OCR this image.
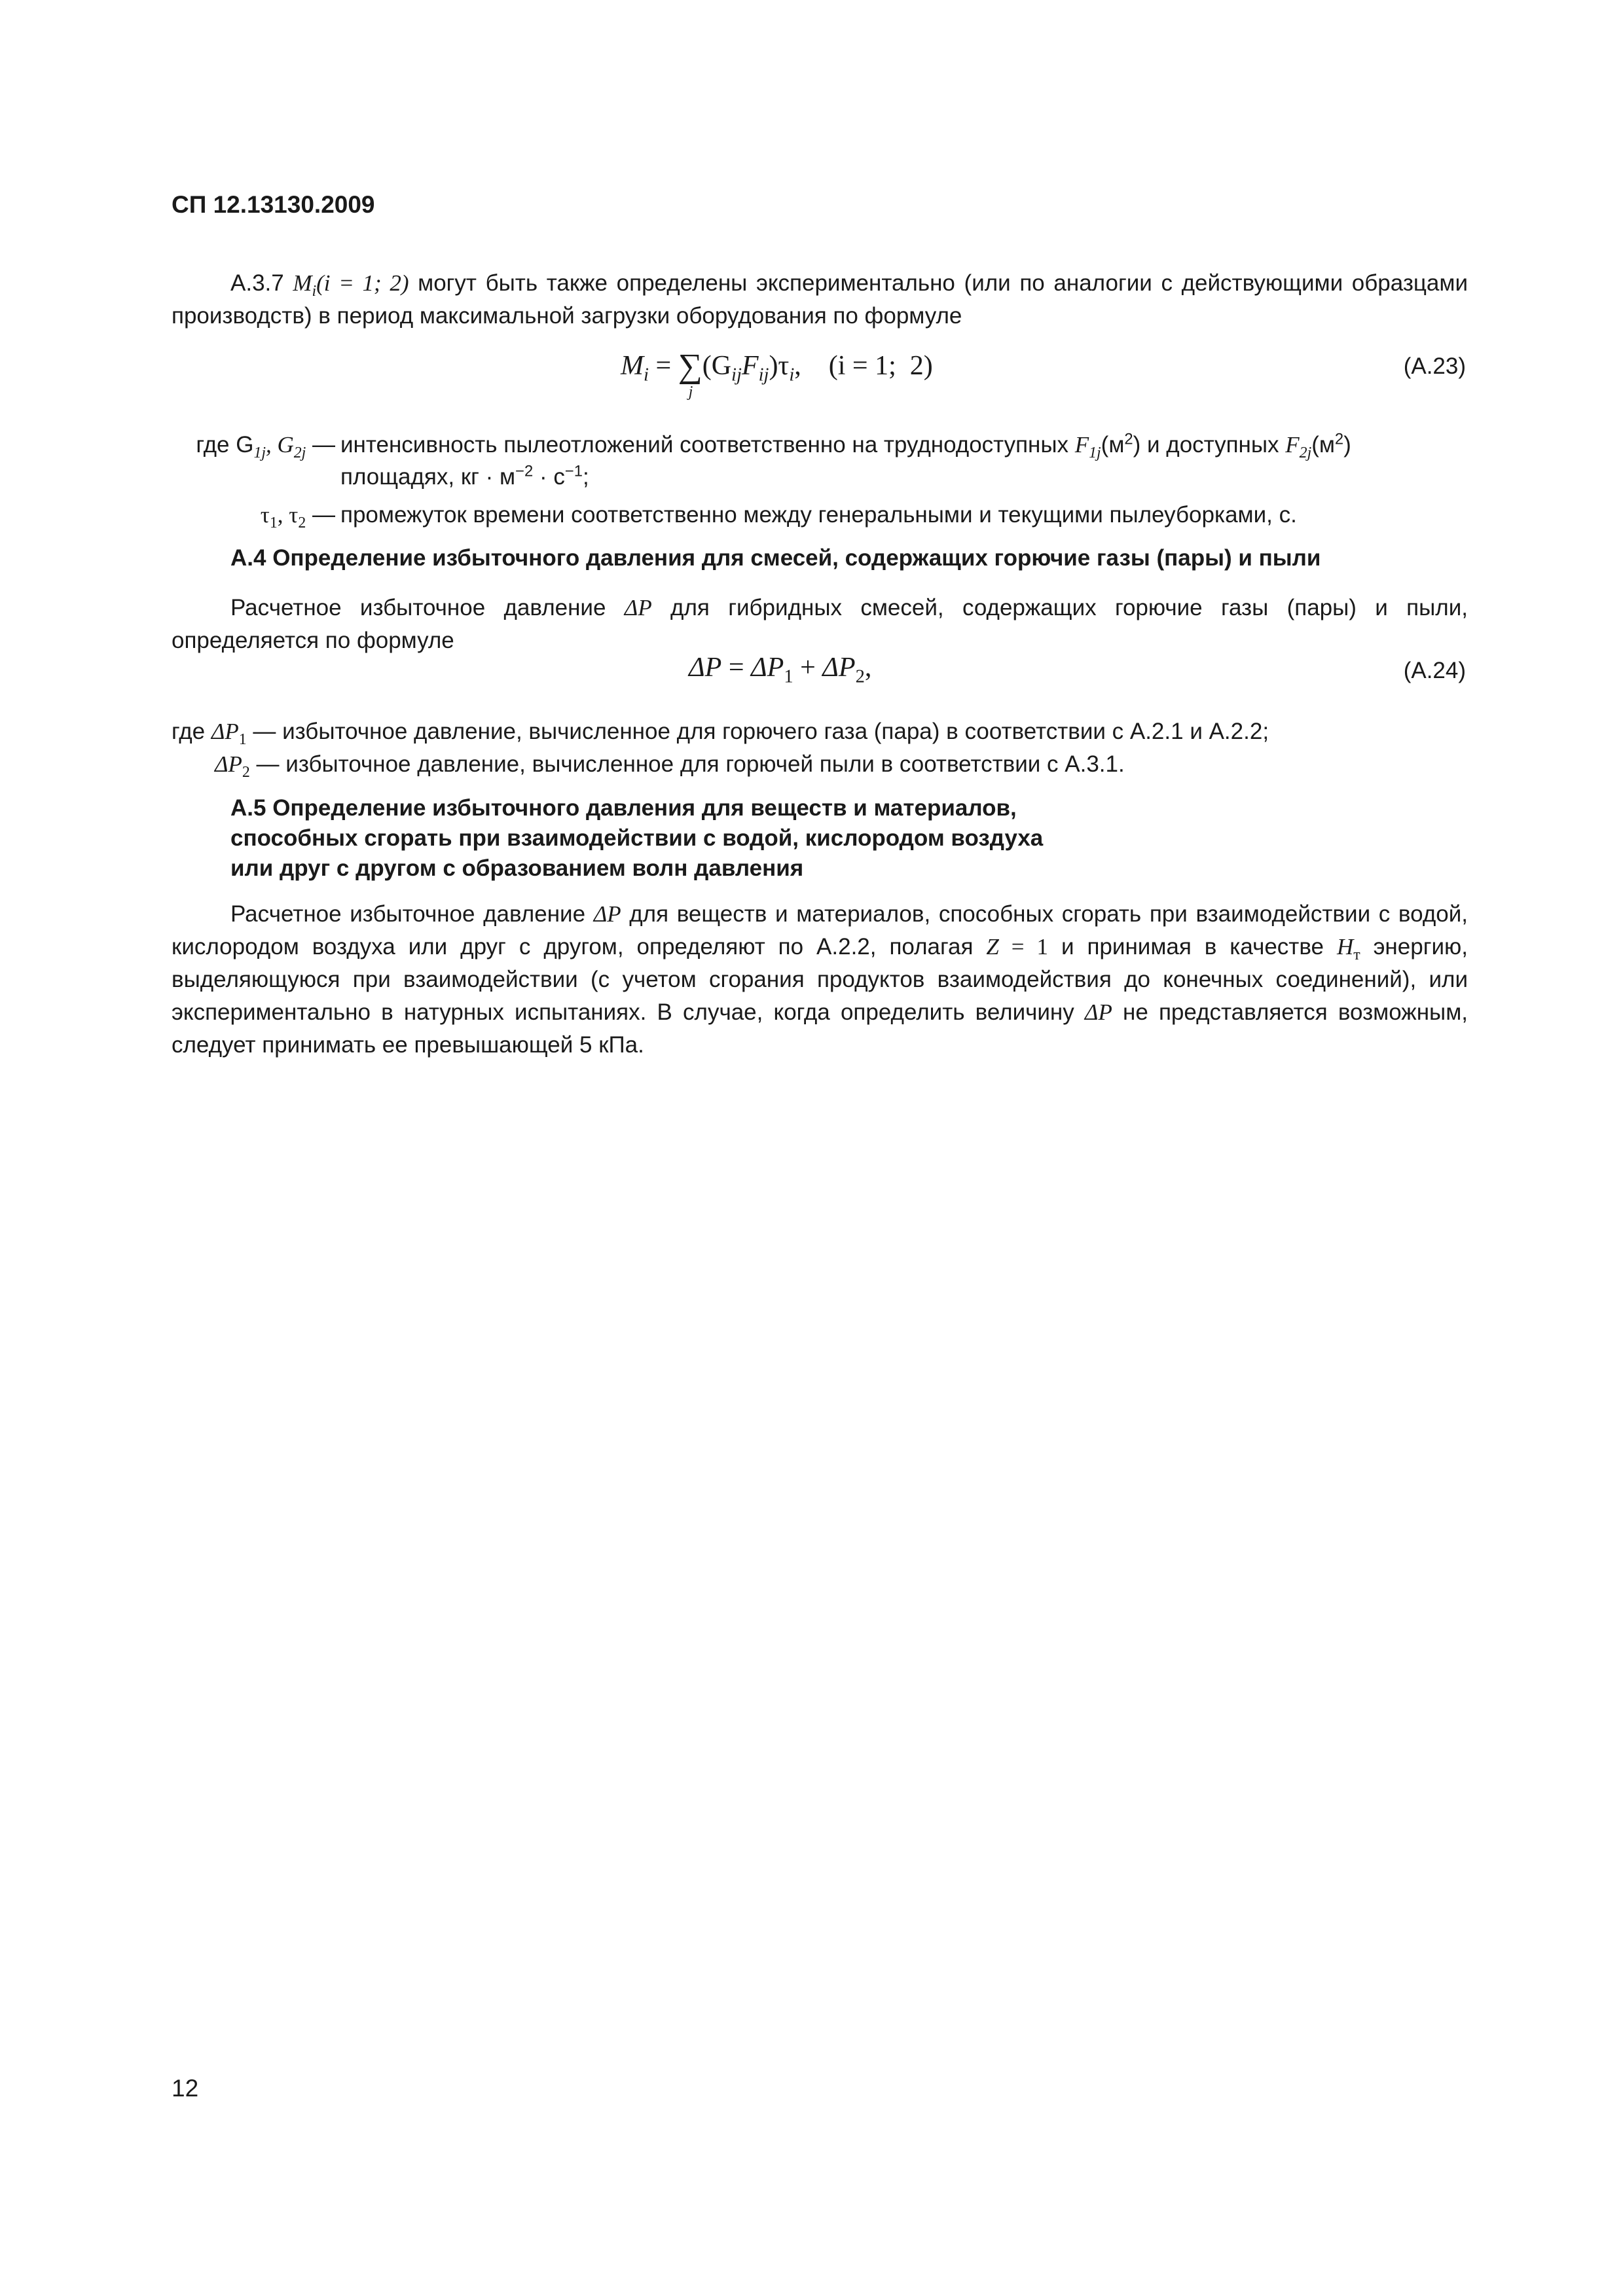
СП 12.13130.2009
А.3.7 $M_i(i = 1$; 2) могут быть также определены экспериментально (или по аналогии с действующими образцами производств) в период максимальной загрузки оборудования по формуле
$M_i$ = ∑
j
$(G_{ij}F_{ij})\tau_i$,    (i = 1;  2)	(А.23)
где $G_{1j}$, $G_{2j}$ — интенсивность пылеотложений соответственно на труднодоступных $F_{1j}(м^2)$ и доступных $F_{2j}(м^2)$
площадях, кг · $м^{-2} \cdot с^{-1}$;
$\tau_1$, $\tau_2$ — промежуток времени соответственно между генеральными и текущими пылеуборками, с.
А.4 Определение избыточного давления для смесей, содержащих горючие газы (пары) и пыли
Расчетное избыточное давление ΔP для гибридных смесей, содержащих горючие газы (пары) и пыли, определяется по формуле
$\Delta P = \Delta P_1 + \Delta P_2$,	(А.24)
где $\Delta P_1$ — избыточное давление, вычисленное для горючего газа (пара) в соответствии с А.2.1 и А.2.2;
$\Delta P_2$ — избыточное давление, вычисленное для горючей пыли в соответствии с А.3.1.
А.5 Определение избыточного давления для веществ и материалов,
способных сгорать при взаимодействии с водой, кислородом воздуха
или друг с другом с образованием волн давления
Расчетное избыточное давление ΔP для веществ и материалов, способных сгорать при взаимодействии с водой, кислородом воздуха или друг с другом, определяют по А.2.2, полагая Z = 1 и принимая в качестве $H_т$ энергию, выделяющуюся при взаимодействии (с учетом сгорания продуктов взаимодействия до конечных соединений), или экспериментально в натурных испытаниях. В случае, когда определить величину ΔP не представляется возможным, следует принимать ее превышающей 5 кПа.
12
